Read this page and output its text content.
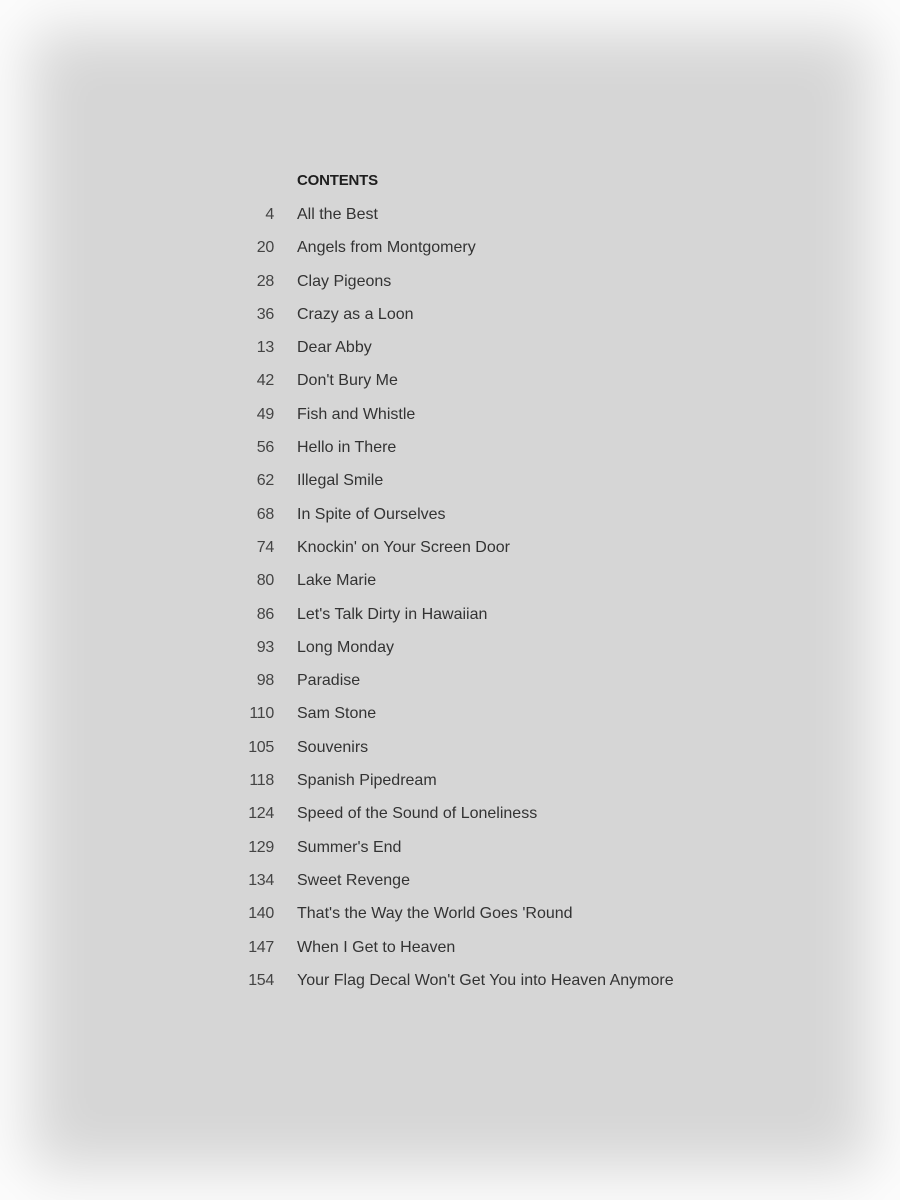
CONTENTS
4	All the Best
20	Angels from Montgomery
28	Clay Pigeons
36	Crazy as a Loon
13	Dear Abby
42	Don't Bury Me
49	Fish and Whistle
56	Hello in There
62	Illegal Smile
68	In Spite of Ourselves
74	Knockin' on Your Screen Door
80	Lake Marie
86	Let's Talk Dirty in Hawaiian
93	Long Monday
98	Paradise
110	Sam Stone
105	Souvenirs
118	Spanish Pipedream
124	Speed of the Sound of Loneliness
129	Summer's End
134	Sweet Revenge
140	That's the Way the World Goes 'Round
147	When I Get to Heaven
154	Your Flag Decal Won't Get You into Heaven Anymore
